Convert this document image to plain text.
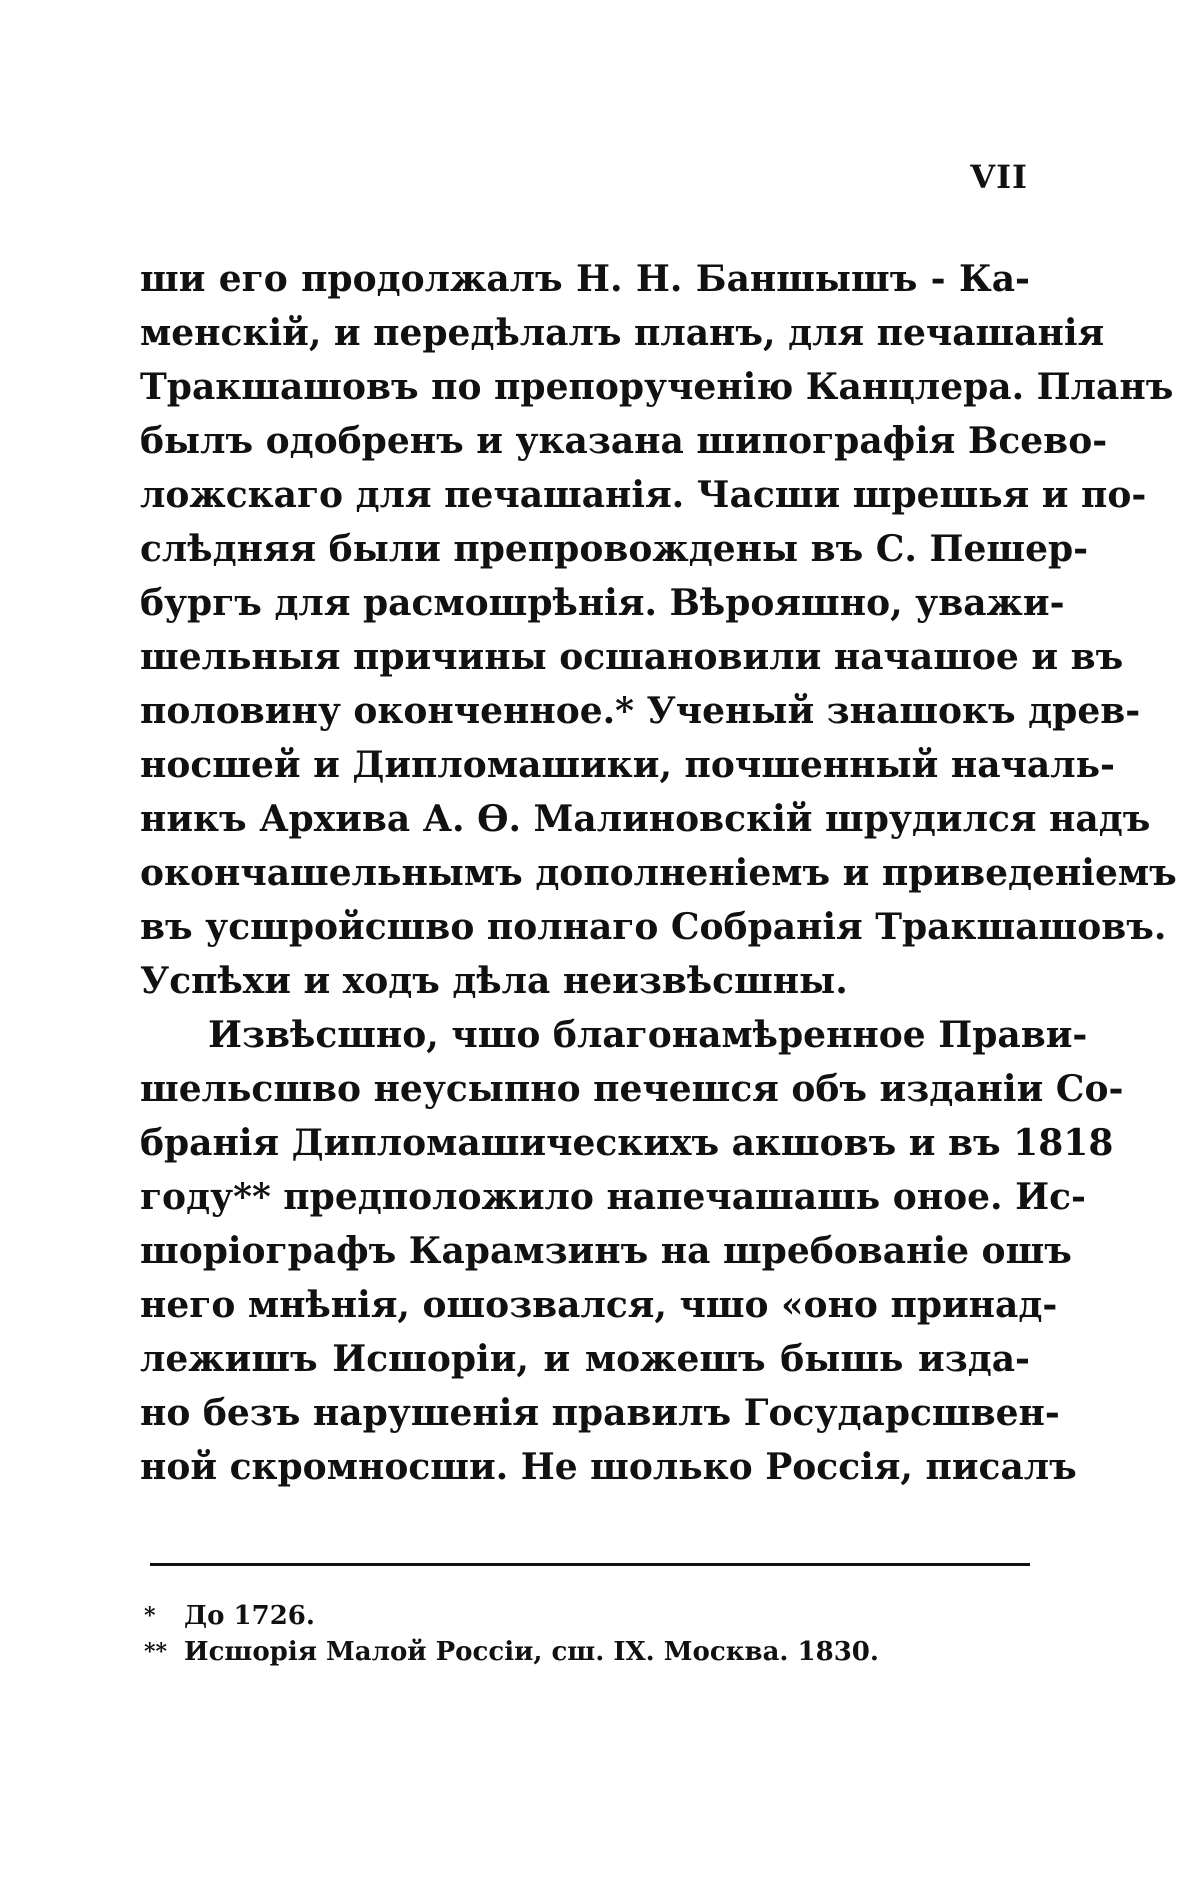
VII
ши его продолжалъ Н. Н. Баншышъ - Ка-
менскій, и передѣлалъ планъ, для печашанія
Тракшашовъ по препорученію Канцлера. Планъ
былъ одобренъ и указана шипографія Всево-
ложскаго для печашанія. Часши шрешья и по-
слѣдняя были препровождены въ С. Пешер-
бургъ для расмошрѣнія. Вѣрояшно, уважи-
шельныя причины осшановили начашое и въ
половину оконченное.* Ученый знашокъ древ-
носшей и Дипломашики, почшенный началь-
никъ Архива А. Ѳ. Малиновскій шрудился надъ
окончашельнымъ дополненіемъ и приведеніемъ
въ усшройсшво полнаго Собранія Тракшашовъ.
Успѣхи и ходъ дѣла неизвѣсшны.
Извѣсшно, чшо благонамѣренное Прави-
шельсшво неусыпно печешся объ изданіи Со-
бранія Дипломашическихъ акшовъ и въ 1818
году** предположило напечашашь оное. Ис-
шоріографъ Карамзинъ на шребованіе ошъ
него мнѣнія, ошозвался, чшо «оно принад-
лежишъ Исшоріи, и можешъ бышь изда-
но безъ нарушенія правилъ Государсшвен-
ной скромносши. Не шолько Россія, писалъ
* До 1726.
** Исшорія Малой Россіи, сш. IX. Москва. 1830.
